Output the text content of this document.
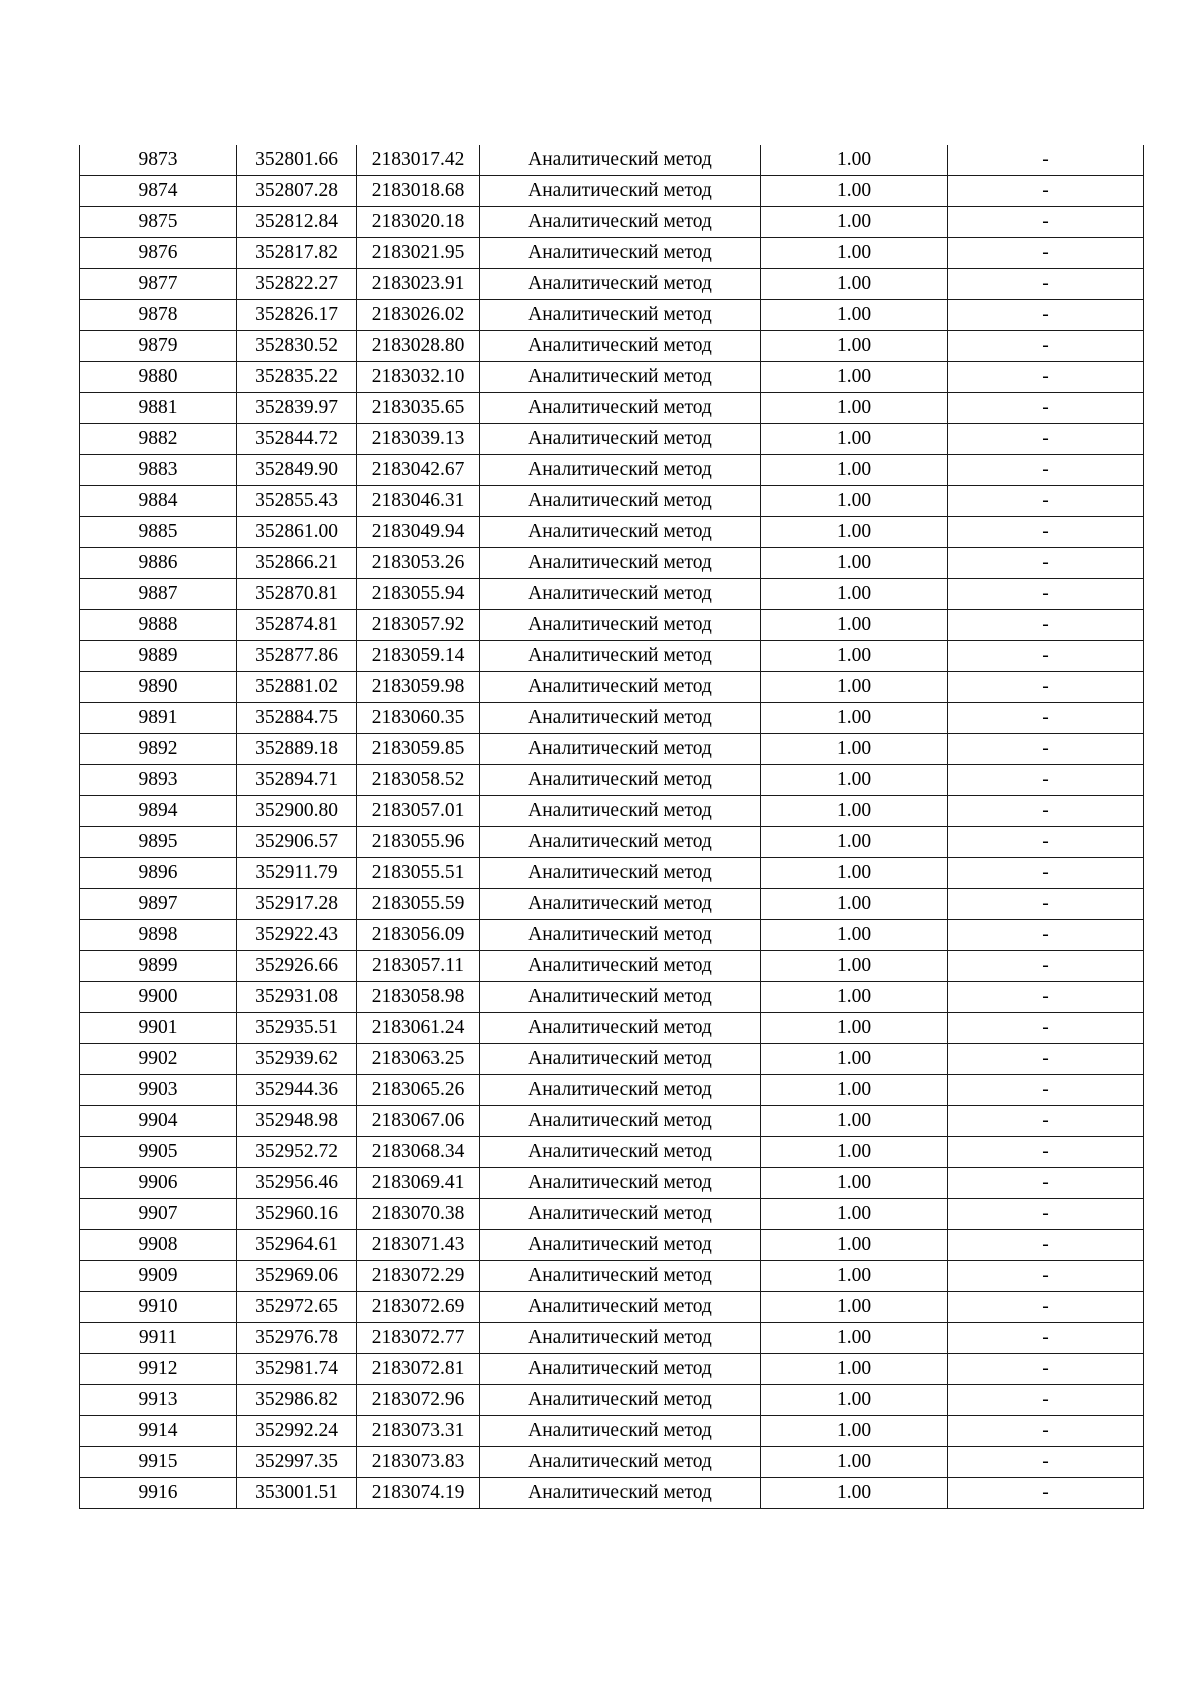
9873	352801.66	2183017.42	Аналитический метод	1.00	-
9874	352807.28	2183018.68	Аналитический метод	1.00	-
9875	352812.84	2183020.18	Аналитический метод	1.00	-
9876	352817.82	2183021.95	Аналитический метод	1.00	-
9877	352822.27	2183023.91	Аналитический метод	1.00	-
9878	352826.17	2183026.02	Аналитический метод	1.00	-
9879	352830.52	2183028.80	Аналитический метод	1.00	-
9880	352835.22	2183032.10	Аналитический метод	1.00	-
9881	352839.97	2183035.65	Аналитический метод	1.00	-
9882	352844.72	2183039.13	Аналитический метод	1.00	-
9883	352849.90	2183042.67	Аналитический метод	1.00	-
9884	352855.43	2183046.31	Аналитический метод	1.00	-
9885	352861.00	2183049.94	Аналитический метод	1.00	-
9886	352866.21	2183053.26	Аналитический метод	1.00	-
9887	352870.81	2183055.94	Аналитический метод	1.00	-
9888	352874.81	2183057.92	Аналитический метод	1.00	-
9889	352877.86	2183059.14	Аналитический метод	1.00	-
9890	352881.02	2183059.98	Аналитический метод	1.00	-
9891	352884.75	2183060.35	Аналитический метод	1.00	-
9892	352889.18	2183059.85	Аналитический метод	1.00	-
9893	352894.71	2183058.52	Аналитический метод	1.00	-
9894	352900.80	2183057.01	Аналитический метод	1.00	-
9895	352906.57	2183055.96	Аналитический метод	1.00	-
9896	352911.79	2183055.51	Аналитический метод	1.00	-
9897	352917.28	2183055.59	Аналитический метод	1.00	-
9898	352922.43	2183056.09	Аналитический метод	1.00	-
9899	352926.66	2183057.11	Аналитический метод	1.00	-
9900	352931.08	2183058.98	Аналитический метод	1.00	-
9901	352935.51	2183061.24	Аналитический метод	1.00	-
9902	352939.62	2183063.25	Аналитический метод	1.00	-
9903	352944.36	2183065.26	Аналитический метод	1.00	-
9904	352948.98	2183067.06	Аналитический метод	1.00	-
9905	352952.72	2183068.34	Аналитический метод	1.00	-
9906	352956.46	2183069.41	Аналитический метод	1.00	-
9907	352960.16	2183070.38	Аналитический метод	1.00	-
9908	352964.61	2183071.43	Аналитический метод	1.00	-
9909	352969.06	2183072.29	Аналитический метод	1.00	-
9910	352972.65	2183072.69	Аналитический метод	1.00	-
9911	352976.78	2183072.77	Аналитический метод	1.00	-
9912	352981.74	2183072.81	Аналитический метод	1.00	-
9913	352986.82	2183072.96	Аналитический метод	1.00	-
9914	352992.24	2183073.31	Аналитический метод	1.00	-
9915	352997.35	2183073.83	Аналитический метод	1.00	-
9916	353001.51	2183074.19	Аналитический метод	1.00	-
